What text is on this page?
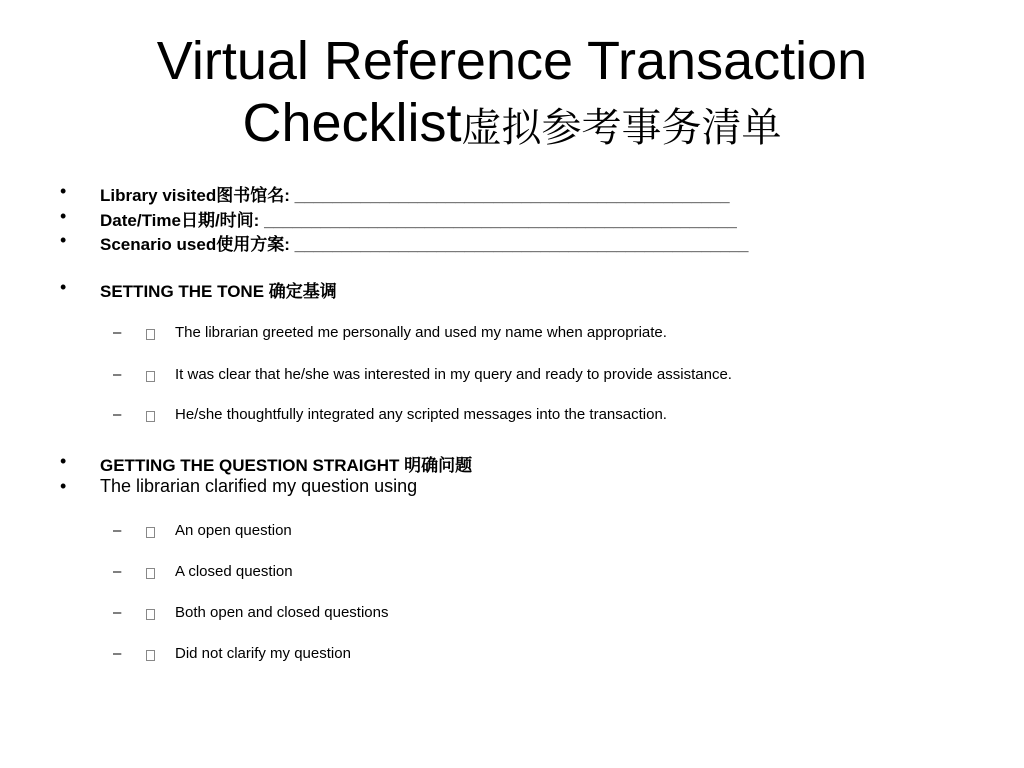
Virtual Reference Transaction
Checklist虚拟参考事务清单
• Library visited图书馆名: ______________________________________________
• Date/Time日期/时间: __________________________________________________
• Scenario used使用方案: ________________________________________________
• SETTING THE TONE 确定基调
–	The librarian greeted me personally and used my name when appropriate.
–	It was clear that he/she was interested in my query and ready to provide assistance.
–	He/she thoughtfully integrated any scripted messages into the transaction.
• GETTING THE QUESTION STRAIGHT 明确问题
• The librarian clarified my question using
–	An open question
–	A closed question
–	Both open and closed questions
–	Did not clarify my question
